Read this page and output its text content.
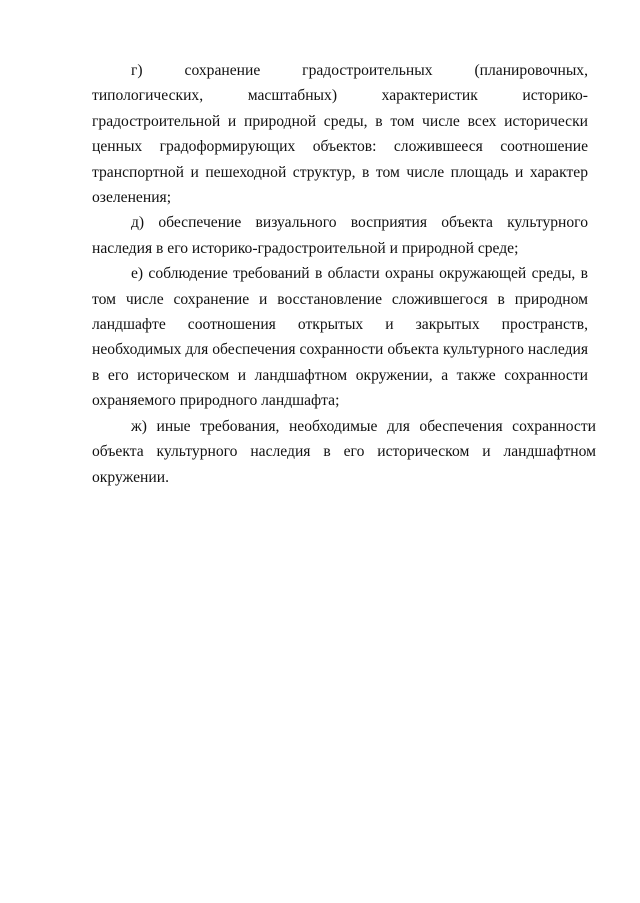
г) сохранение градостроительных (планировочных, типологических, масштабных) характеристик историко-градостроительной и природной среды, в том числе всех исторически ценных градоформирующих объектов: сложившееся соотношение транспортной и пешеходной структур, в том числе площадь и характер озеленения;

д) обеспечение визуального восприятия объекта культурного наследия в его историко-градостроительной и природной среде;

е) соблюдение требований в области охраны окружающей среды, в том числе сохранение и восстановление сложившегося в природном ландшафте соотношения открытых и закрытых пространств, необходимых для обеспечения сохранности объекта культурного наследия в его историческом и ландшафтном окружении, а также сохранности охраняемого природного ландшафта;

ж) иные требования, необходимые для обеспечения сохранности объекта культурного наследия в его историческом и ландшафтном окружении.
